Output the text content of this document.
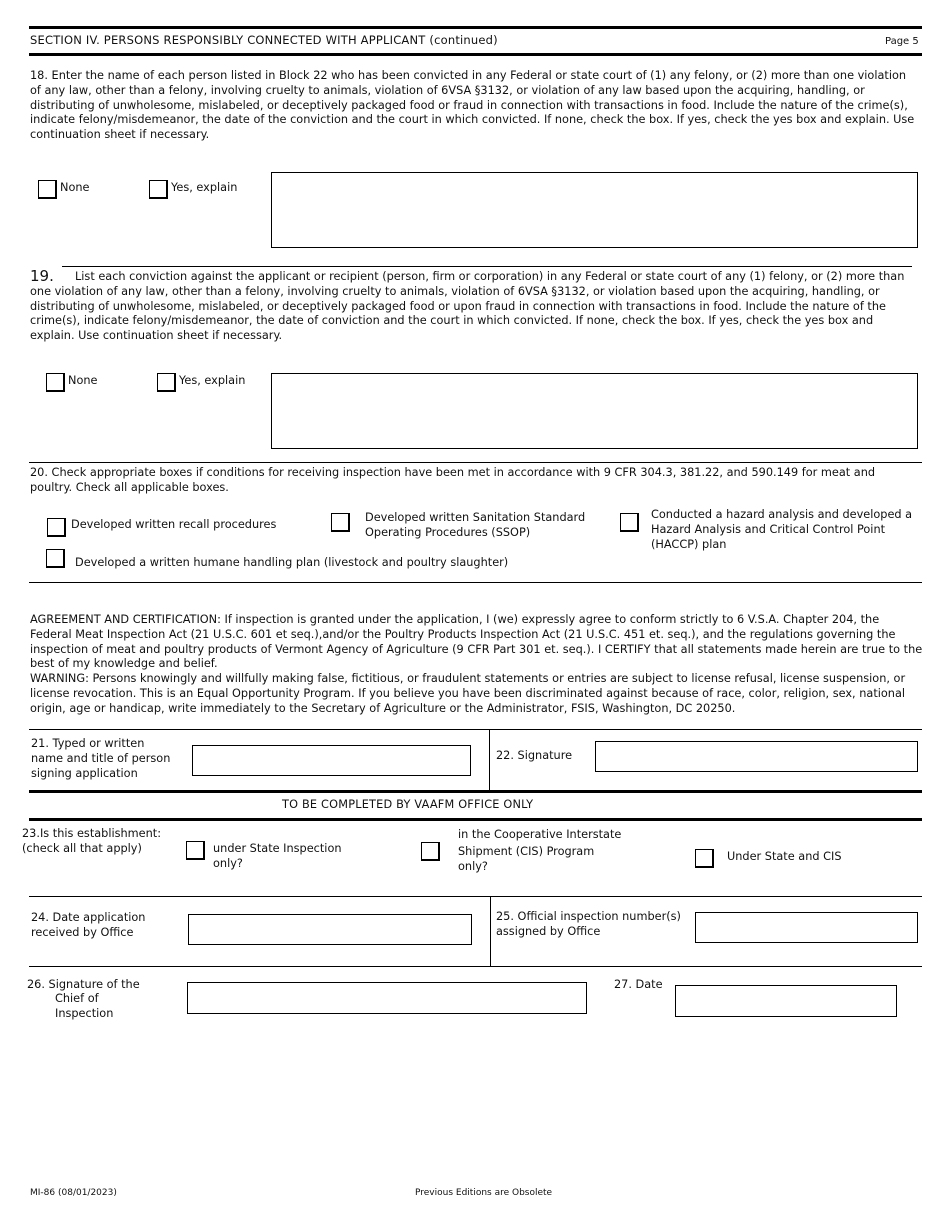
SECTION IV. PERSONS RESPONSIBLY CONNECTED WITH APPLICANT (continued)	Page 5
18. Enter the name of each person listed in Block 22 who has been convicted in any Federal or state court of (1) any felony, or (2) more than one violation of any law, other than a felony, involving cruelty to animals, violation of 6VSA §3132, or violation of any law based upon the acquiring, handling, or distributing of unwholesome, mislabeled, or deceptively packaged food or fraud in connection with transactions in food. Include the nature of the crime(s), indicate felony/misdemeanor, the date of the conviction and the court in which convicted. If none, check the box. If yes, check the yes box and explain. Use continuation sheet if necessary.
None	Yes, explain
19.	List each conviction against the applicant or recipient (person, firm or corporation) in any Federal or state court of any (1) felony, or (2) more than one violation of any law, other than a felony, involving cruelty to animals, violation of 6VSA §3132, or violation based upon the acquiring, handling, or distributing of unwholesome, mislabeled, or deceptively packaged food or upon fraud in connection with transactions in food. Include the nature of the crime(s), indicate felony/misdemeanor, the date of conviction and the court in which convicted. If none, check the box. If yes, check the yes box and explain. Use continuation sheet if necessary.
None	Yes, explain
20. Check appropriate boxes if conditions for receiving inspection have been met in accordance with 9 CFR 304.3, 381.22, and 590.149 for meat and poultry. Check all applicable boxes.
Developed written recall procedures
Developed written Sanitation Standard Operating Procedures (SSOP)
Conducted a hazard analysis and developed a Hazard Analysis and Critical Control Point (HACCP) plan
Developed a written humane handling plan (livestock and poultry slaughter)
AGREEMENT AND CERTIFICATION: If inspection is granted under the application, I (we) expressly agree to conform strictly to 6 V.S.A. Chapter 204, the Federal Meat Inspection Act (21 U.S.C. 601 et seq.),and/or the Poultry Products Inspection Act (21 U.S.C. 451 et. seq.), and the regulations governing the inspection of meat and poultry products of Vermont Agency of Agriculture (9 CFR Part 301 et. seq.). I CERTIFY that all statements made herein are true to the best of my knowledge and belief.
WARNING: Persons knowingly and willfully making false, fictitious, or fraudulent statements or entries are subject to license refusal, license suspension, or license revocation. This is an Equal Opportunity Program. If you believe you have been discriminated against because of race, color, religion, sex, national origin, age or handicap, write immediately to the Secretary of Agriculture or the Administrator, FSIS, Washington, DC 20250.
21. Typed or written name and title of person signing application
22. Signature
TO BE COMPLETED BY VAAFM OFFICE ONLY
23.Is this establishment: (check all that apply)	under State Inspection only?
in the Cooperative Interstate
Shipment (CIS) Program only?
Under State and CIS
24. Date application received by Office
25. Official inspection number(s) assigned by Office
26. Signature of the
Chief of
Inspection
27. Date
MI-86 (08/01/2023)	Previous Editions are Obsolete
